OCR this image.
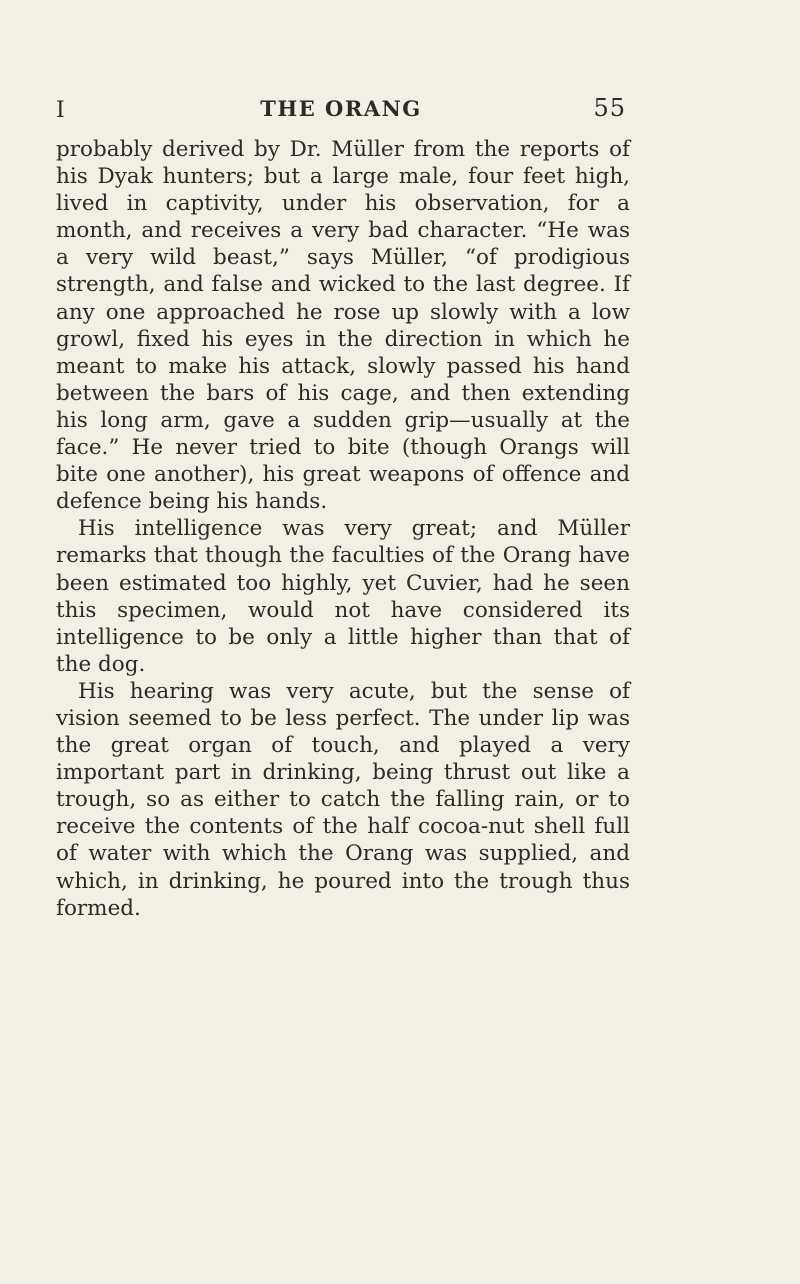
I	THE ORANG	55

probably derived by Dr. Müller from the reports of his Dyak hunters; but a large male, four feet high, lived in captivity, under his observation, for a month, and receives a very bad character. “He was a very wild beast,” says Müller, “of prodigious strength, and false and wicked to the last degree. If any one approached he rose up slowly with a low growl, fixed his eyes in the direction in which he meant to make his attack, slowly passed his hand between the bars of his cage, and then extending his long arm, gave a sudden grip—usually at the face.” He never tried to bite (though Orangs will bite one another), his great weapons of offence and defence being his hands.

His intelligence was very great; and Müller remarks that though the faculties of the Orang have been estimated too highly, yet Cuvier, had he seen this specimen, would not have considered its intelligence to be only a little higher than that of the dog.

His hearing was very acute, but the sense of vision seemed to be less perfect. The under lip was the great organ of touch, and played a very important part in drinking, being thrust out like a trough, so as either to catch the falling rain, or to receive the contents of the half cocoa-nut shell full of water with which the Orang was supplied, and which, in drinking, he poured into the trough thus formed.
